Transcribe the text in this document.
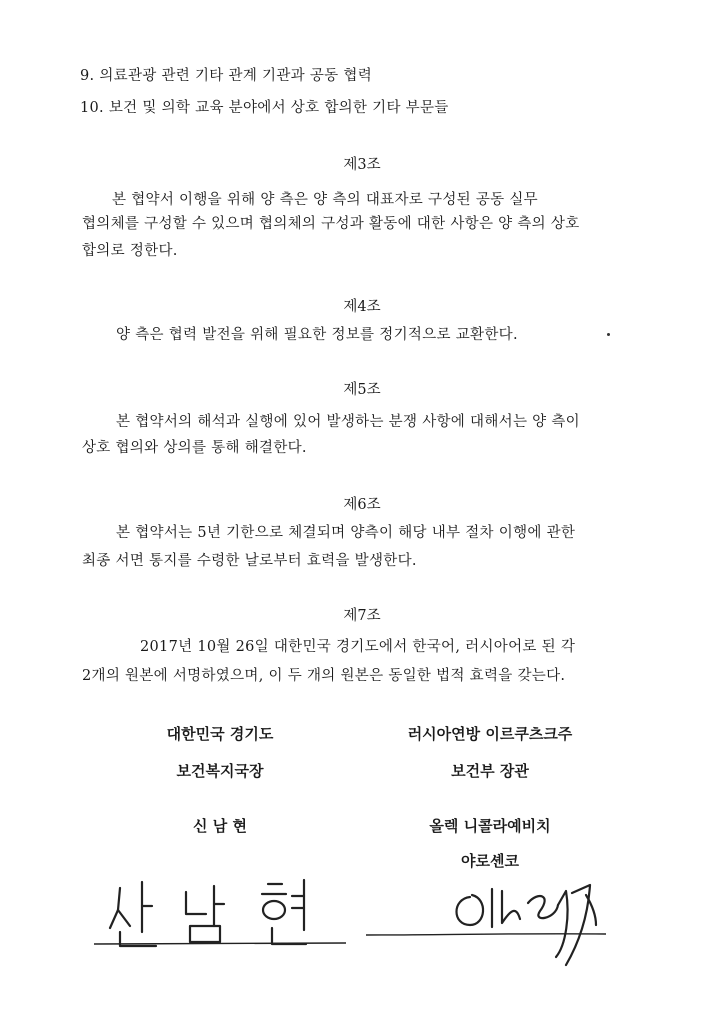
9. 의료관광 관련 기타 관계 기관과 공동 협력
10. 보건 및 의학 교육 분야에서 상호 합의한 기타 부문들
제3조
본 협약서 이행을 위해 양 측은 양 측의 대표자로 구성된 공동 실무
협의체를 구성할 수 있으며 협의체의 구성과 활동에 대한 사항은 양 측의 상호
합의로 정한다.
제4조
양 측은 협력 발전을 위해 필요한 정보를 정기적으로 교환한다.
제5조
본 협약서의 해석과 실행에 있어 발생하는 분쟁 사항에 대해서는 양 측이
상호 협의와 상의를 통해 해결한다.
제6조
본 협약서는 5년 기한으로 체결되며 양측이 해당 내부 절차 이행에 관한
최종 서면 통지를 수령한 날로부터 효력을 발생한다.
제7조
2017년 10월 26일 대한민국 경기도에서 한국어, 러시아어로 된 각
2개의 원본에 서명하였으며, 이 두 개의 원본은 동일한 법적 효력을 갖는다.
대한민국 경기도
보건복지국장
신 남 현
러시아연방 이르쿠츠크주
보건부 장관
올렉 니콜라예비치
야로셴코
